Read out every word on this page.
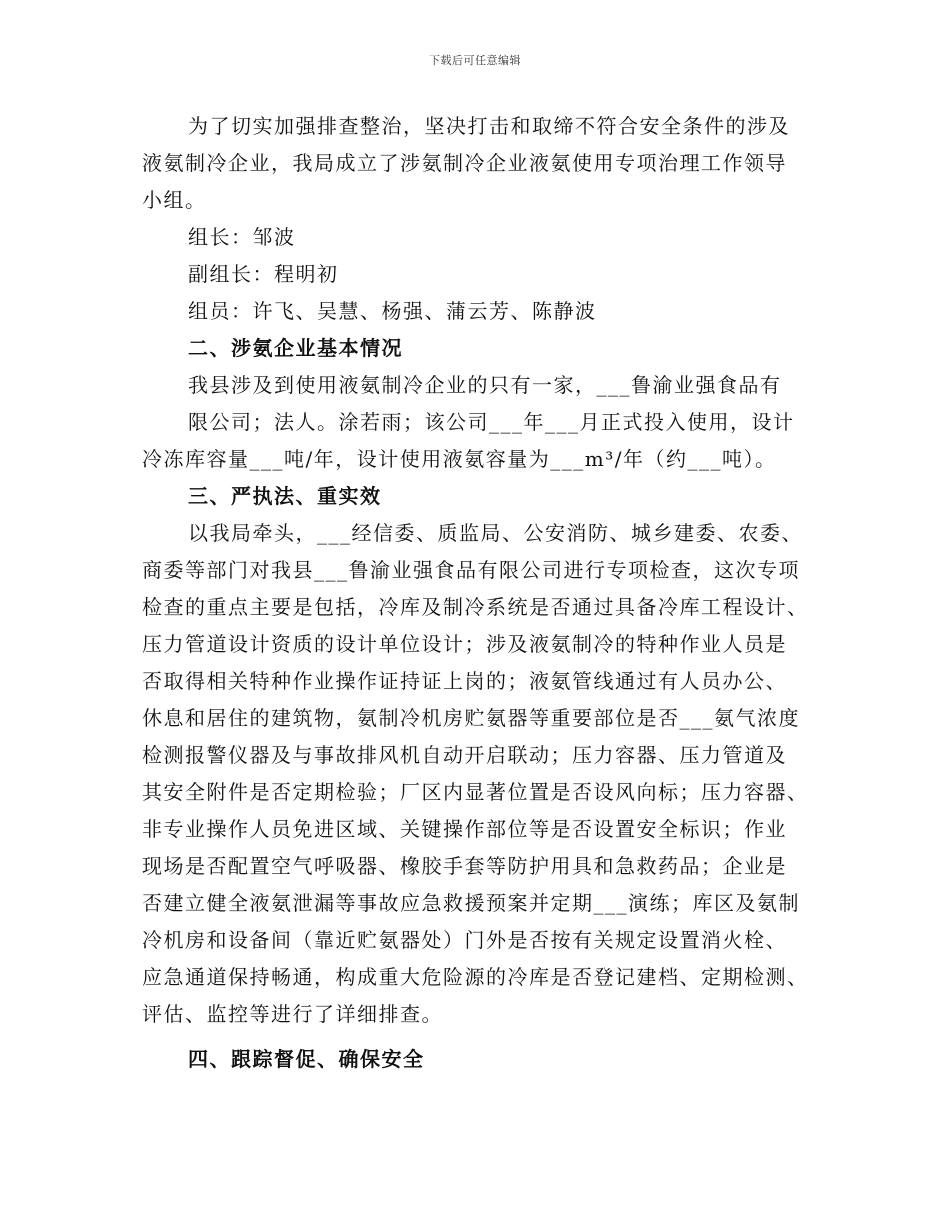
下载后可任意编辑
为了切实加强排查整治，坚决打击和取缔不符合安全条件的涉及
液氨制冷企业，我局成立了涉氨制冷企业液氨使用专项治理工作领导
小组。
组长：邹波
副组长：程明初
组员：许飞、吴慧、杨强、蒲云芳、陈静波
二、涉氨企业基本情况
我县涉及到使用液氨制冷企业的只有一家，___鲁渝业强食品有
限公司；法人。涂若雨；该公司___年___月正式投入使用，设计
冷冻库容量___吨/年，设计使用液氨容量为___m³/年（约___吨）。
三、严执法、重实效
以我局牵头，___经信委、质监局、公安消防、城乡建委、农委、
商委等部门对我县___鲁渝业强食品有限公司进行专项检查，这次专项
检查的重点主要是包括，冷库及制冷系统是否通过具备冷库工程设计、
压力管道设计资质的设计单位设计；涉及液氨制冷的特种作业人员是
否取得相关特种作业操作证持证上岗的；液氨管线通过有人员办公、
休息和居住的建筑物，氨制冷机房贮氨器等重要部位是否___氨气浓度
检测报警仪器及与事故排风机自动开启联动；压力容器、压力管道及
其安全附件是否定期检验；厂区内显著位置是否设风向标；压力容器、
非专业操作人员免进区域、关键操作部位等是否设置安全标识；作业
现场是否配置空气呼吸器、橡胶手套等防护用具和急救药品；企业是
否建立健全液氨泄漏等事故应急救援预案并定期___演练；库区及氨制
冷机房和设备间（靠近贮氨器处）门外是否按有关规定设置消火栓、
应急通道保持畅通，构成重大危险源的冷库是否登记建档、定期检测、
评估、监控等进行了详细排查。
四、跟踪督促、确保安全
